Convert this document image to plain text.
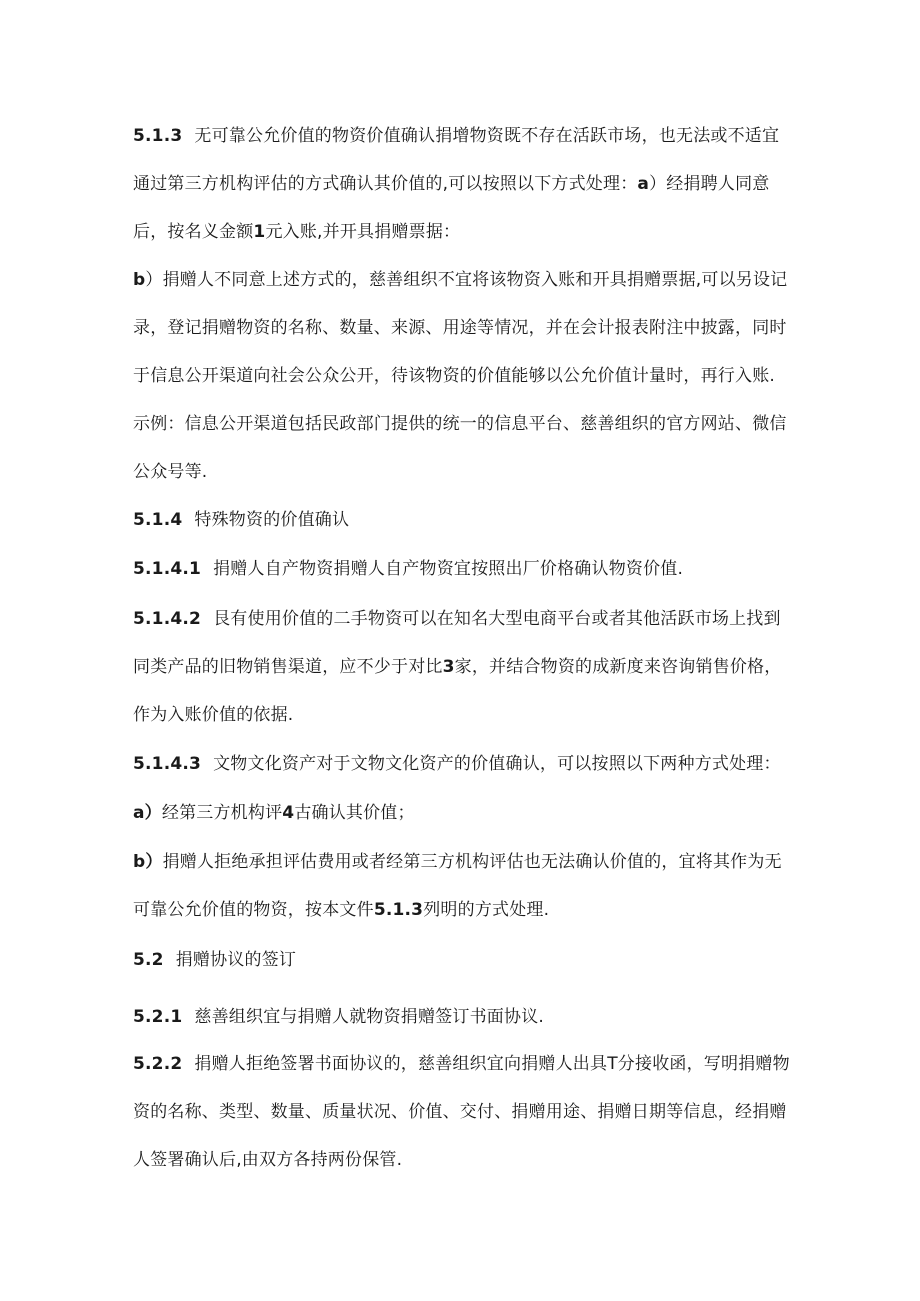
5.1.3 无可靠公允价值的物资价值确认捐增物资既不存在活跃市场，也无法或不适宜
通过第三方机构评估的方式确认其价值的,可以按照以下方式处理：a）经捐聘人同意
后，按名义金额1元入账,并开具捐赠票据：
b）捐赠人不同意上述方式的，慈善组织不宜将该物资入账和开具捐赠票据,可以另设记
录，登记捐赠物资的名称、数量、来源、用途等情况，并在会计报表附注中披露，同时
于信息公开渠道向社会公众公开，待该物资的价值能够以公允价值计量时，再行入账.
示例：信息公开渠道包括民政部门提供的统一的信息平台、慈善组织的官方网站、微信
公众号等.
5.1.4 特殊物资的价值确认
5.1.4.1 捐赠人自产物资捐赠人自产物资宜按照出厂价格确认物资价值.
5.1.4.2 艮有使用价值的二手物资可以在知名大型电商平台或者其他活跃市场上找到
同类产品的旧物销售渠道，应不少于对比3家，并结合物资的成新度来咨询销售价格，
作为入账价值的依据.
5.1.4.3 文物文化资产对于文物文化资产的价值确认，可以按照以下两种方式处理：
a）经第三方机构评4古确认其价值；
b）捐赠人拒绝承担评估费用或者经第三方机构评估也无法确认价值的，宜将其作为无
可靠公允价值的物资，按本文件5.1.3列明的方式处理.
5.2 捐赠协议的签订
5.2.1 慈善组织宜与捐赠人就物资捐赠签订书面协议.
5.2.2 捐赠人拒绝签署书面协议的，慈善组织宜向捐赠人出具T分接收函，写明捐赠物
资的名称、类型、数量、质量状况、价值、交付、捐赠用途、捐赠日期等信息，经捐赠
人签署确认后,由双方各持两份保管.
